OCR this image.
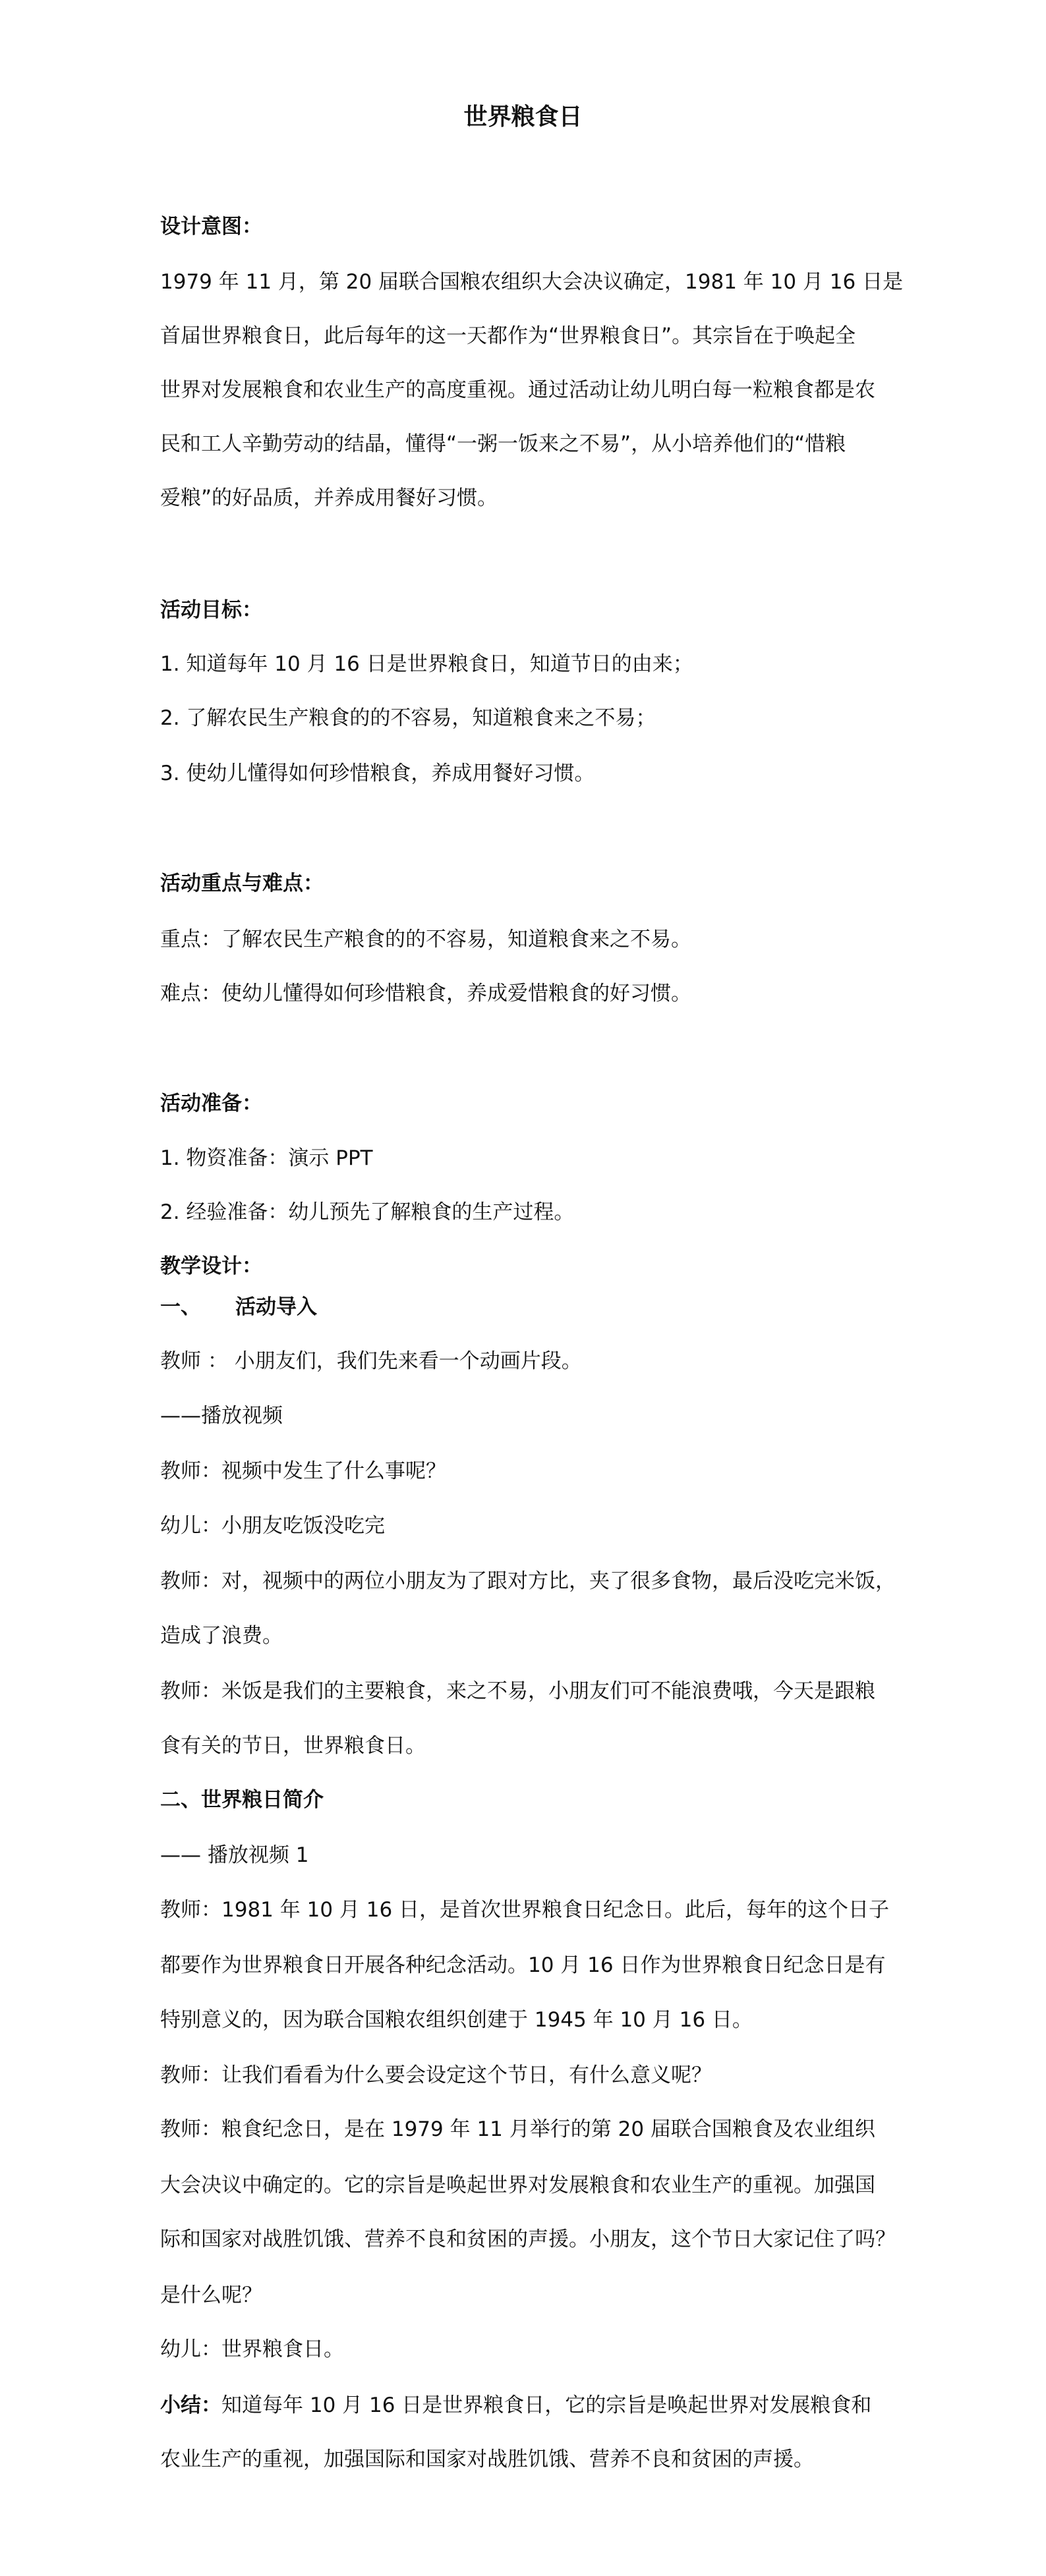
世界粮食日
设计意图：
1979 年 11 月，第 20 届联合国粮农组织大会决议确定，1981 年 10 月 16 日是
首届世界粮食日，此后每年的这一天都作为“世界粮食日”。其宗旨在于唤起全
世界对发展粮食和农业生产的高度重视。通过活动让幼儿明白每一粒粮食都是农
民和工人辛勤劳动的结晶，懂得“一粥一饭来之不易”，从小培养他们的“惜粮
爱粮”的好品质，并养成用餐好习惯。
活动目标：
1. 知道每年 10 月 16 日是世界粮食日，知道节日的由来；
2. 了解农民生产粮食的的不容易，知道粮食来之不易；
3. 使幼儿懂得如何珍惜粮食，养成用餐好习惯。
活动重点与难点：
重点：了解农民生产粮食的的不容易，知道粮食来之不易。
难点：使幼儿懂得如何珍惜粮食，养成爱惜粮食的好习惯。
活动准备：
1. 物资准备：演示 PPT
2. 经验准备：幼儿预先了解粮食的生产过程。
教学设计：
一、 活动导入
教师 ： 小朋友们，我们先来看一个动画片段。
——播放视频
教师：视频中发生了什么事呢？
幼儿：小朋友吃饭没吃完
教师：对，视频中的两位小朋友为了跟对方比，夹了很多食物，最后没吃完米饭，
造成了浪费。
教师：米饭是我们的主要粮食，来之不易，小朋友们可不能浪费哦，今天是跟粮
食有关的节日，世界粮食日。
二、世界粮日简介
—— 播放视频 1
教师：1981 年 10 月 16 日，是首次世界粮食日纪念日。此后，每年的这个日子
都要作为世界粮食日开展各种纪念活动。10 月 16 日作为世界粮食日纪念日是有
特别意义的，因为联合国粮农组织创建于 1945 年 10 月 16 日。
教师：让我们看看为什么要会设定这个节日，有什么意义呢？
教师：粮食纪念日，是在 1979 年 11 月举行的第 20 届联合国粮食及农业组织
大会决议中确定的。它的宗旨是唤起世界对发展粮食和农业生产的重视。加强国
际和国家对战胜饥饿、营养不良和贫困的声援。小朋友，这个节日大家记住了吗？
是什么呢？
幼儿：世界粮食日。
小结：知道每年 10 月 16 日是世界粮食日，它的宗旨是唤起世界对发展粮食和
农业生产的重视，加强国际和国家对战胜饥饿、营养不良和贫困的声援。
